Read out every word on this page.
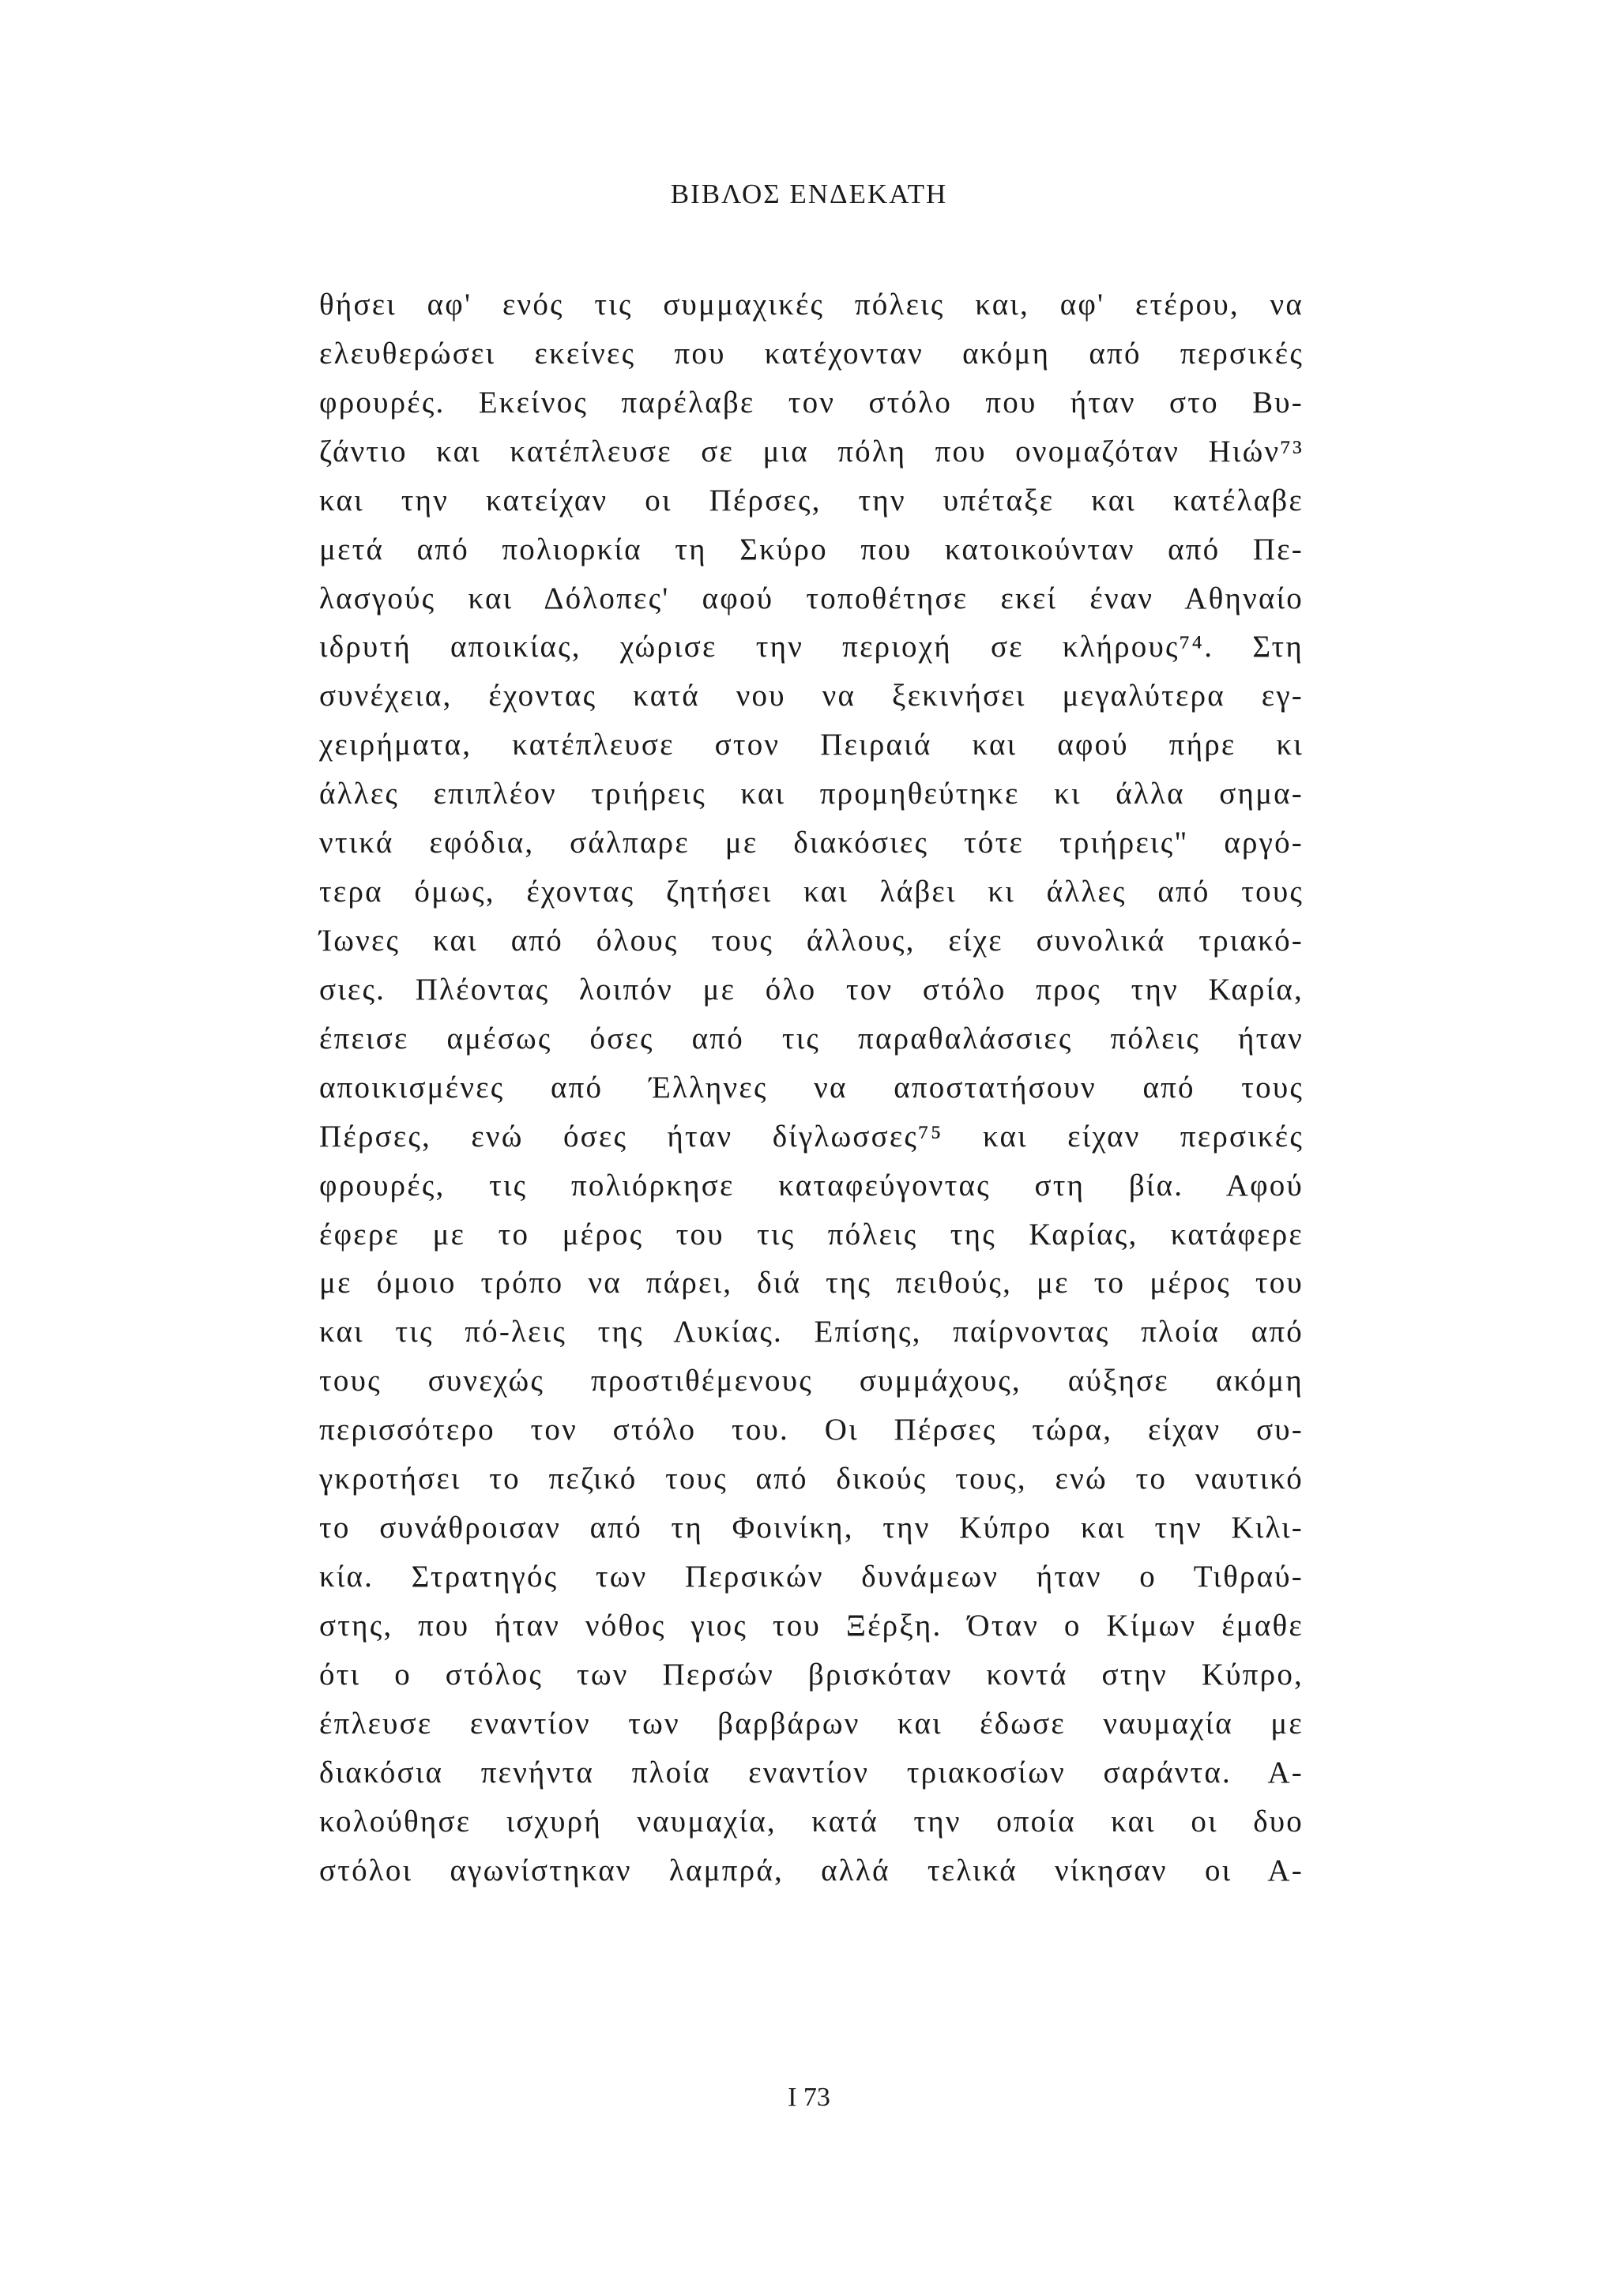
ΒΙΒΛΟΣ ΕΝΔΕΚΑΤΗ
θήσει αφ' ενός τις συμμαχικές πόλεις και, αφ' ετέρου, να
ελευθερώσει εκείνες που κατέχονταν ακόμη από περσικές
φρουρές. Εκείνος παρέλαβε τον στόλο που ήταν στο Βυ-
ζάντιο και κατέπλευσε σε μια πόλη που ονομαζόταν Ηιών⁷³
και την κατείχαν οι Πέρσες, την υπέταξε και κατέλαβε
μετά από πολιορκία τη Σκύρο που κατοικούνταν από Πε-
λασγούς και Δόλοπες' αφού τοποθέτησε εκεί έναν Αθηναίο
ιδρυτή αποικίας, χώρισε την περιοχή σε κλήρους⁷⁴. Στη
συνέχεια, έχοντας κατά νου να ξεκινήσει μεγαλύτερα εγ-
χειρήματα, κατέπλευσε στον Πειραιά και αφού πήρε κι
άλλες επιπλέον τριήρεις και προμηθεύτηκε κι άλλα σημα-
ντικά εφόδια, σάλπαρε με διακόσιες τότε τριήρεις" αργό-
τερα όμως, έχοντας ζητήσει και λάβει κι άλλες από τους
Ίωνες και από όλους τους άλλους, είχε συνολικά τριακό-
σιες. Πλέοντας λοιπόν με όλο τον στόλο προς την Καρία,
έπεισε αμέσως όσες από τις παραθαλάσσιες πόλεις ήταν
αποικισμένες από Έλληνες να αποστατήσουν από τους
Πέρσες, ενώ όσες ήταν δίγλωσσες⁷⁵ και είχαν περσικές
φρουρές, τις πολιόρκησε καταφεύγοντας στη βία. Αφού
έφερε με το μέρος του τις πόλεις της Καρίας, κατάφερε
με όμοιο τρόπο να πάρει, διά της πειθούς, με το μέρος του
και τις πό-λεις της Λυκίας. Επίσης, παίρνοντας πλοία από
τους συνεχώς προστιθέμενους συμμάχους, αύξησε ακόμη
περισσότερο τον στόλο του. Οι Πέρσες τώρα, είχαν συ-
γκροτήσει το πεζικό τους από δικούς τους, ενώ το ναυτικό
το συνάθροισαν από τη Φοινίκη, την Κύπρο και την Κιλι-
κία. Στρατηγός των Περσικών δυνάμεων ήταν ο Τιθραύ-
στης, που ήταν νόθος γιος του Ξέρξη. Όταν ο Κίμων έμαθε
ότι ο στόλος των Περσών βρισκόταν κοντά στην Κύπρο,
έπλευσε εναντίον των βαρβάρων και έδωσε ναυμαχία με
διακόσια πενήντα πλοία εναντίον τριακοσίων σαράντα. Α-
κολούθησε ισχυρή ναυμαχία, κατά την οποία και οι δυο
στόλοι αγωνίστηκαν λαμπρά, αλλά τελικά νίκησαν οι Α-
Ι 73
